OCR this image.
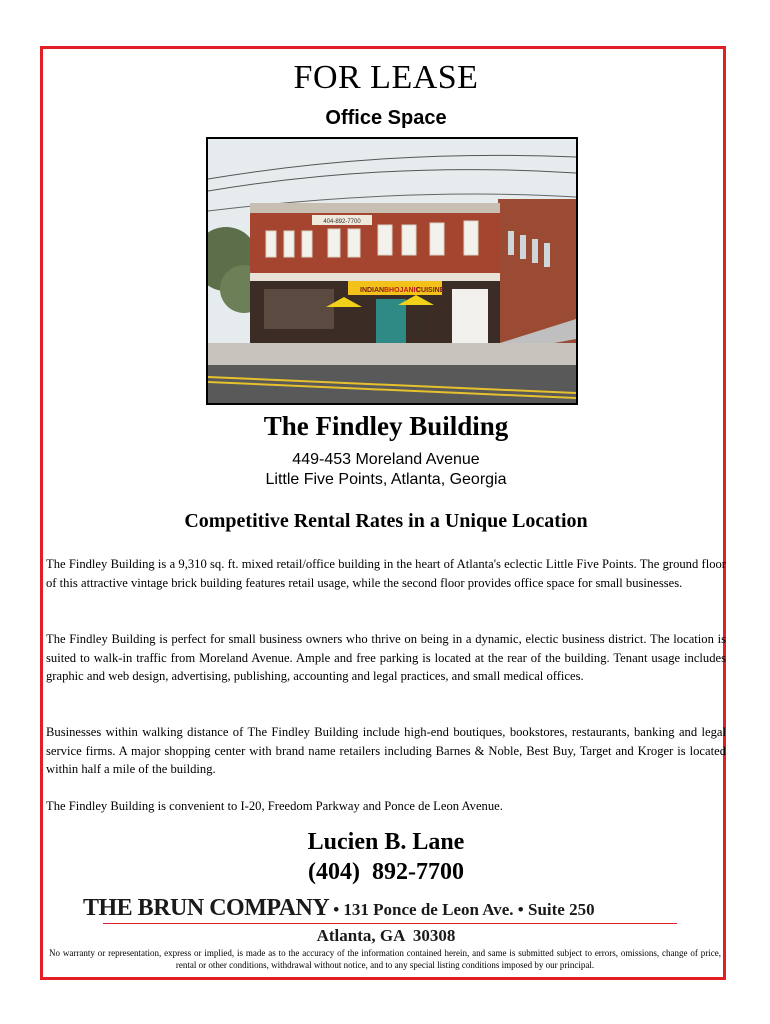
FOR LEASE
Office Space
404-892-7700
INDIAN BHOJANIC
CUISINE
The Findley Building
449-453 Moreland Avenue
Little Five Points, Atlanta, Georgia
Competitive Rental Rates in a Unique Location

The Findley Building is a 9,310 sq. ft. mixed retail/office building in the heart of Atlanta's eclectic Little Five Points. The ground floor of this attractive vintage brick building features retail usage, while the second floor provides office space for small businesses.

The Findley Building is perfect for small business owners who thrive on being in a dynamic, electic business district. The location is suited to walk-in traffic from Moreland Avenue. Ample and free parking is located at the rear of the building. Tenant usage includes graphic and web design, advertising, publishing, accounting and legal practices, and small medical offices.

Businesses within walking distance of The Findley Building include high-end boutiques, bookstores, restaurants, banking and legal service firms. A major shopping center with brand name retailers including Barnes & Noble, Best Buy, Target and Kroger is located within half a mile of the building.

The Findley Building is convenient to I-20, Freedom Parkway and Ponce de Leon Avenue.

Lucien B. Lane
(404)  892-7700
THE BRUN COMPANY • 131 Ponce de Leon Ave. • Suite 250
Atlanta, GA  30308

No warranty or representation, express or implied, is made as to the accuracy of the information contained herein, and same is submitted subject to errors, omissions, change of price, rental or other conditions, withdrawal without notice, and to any special listing conditions imposed by our principal.
